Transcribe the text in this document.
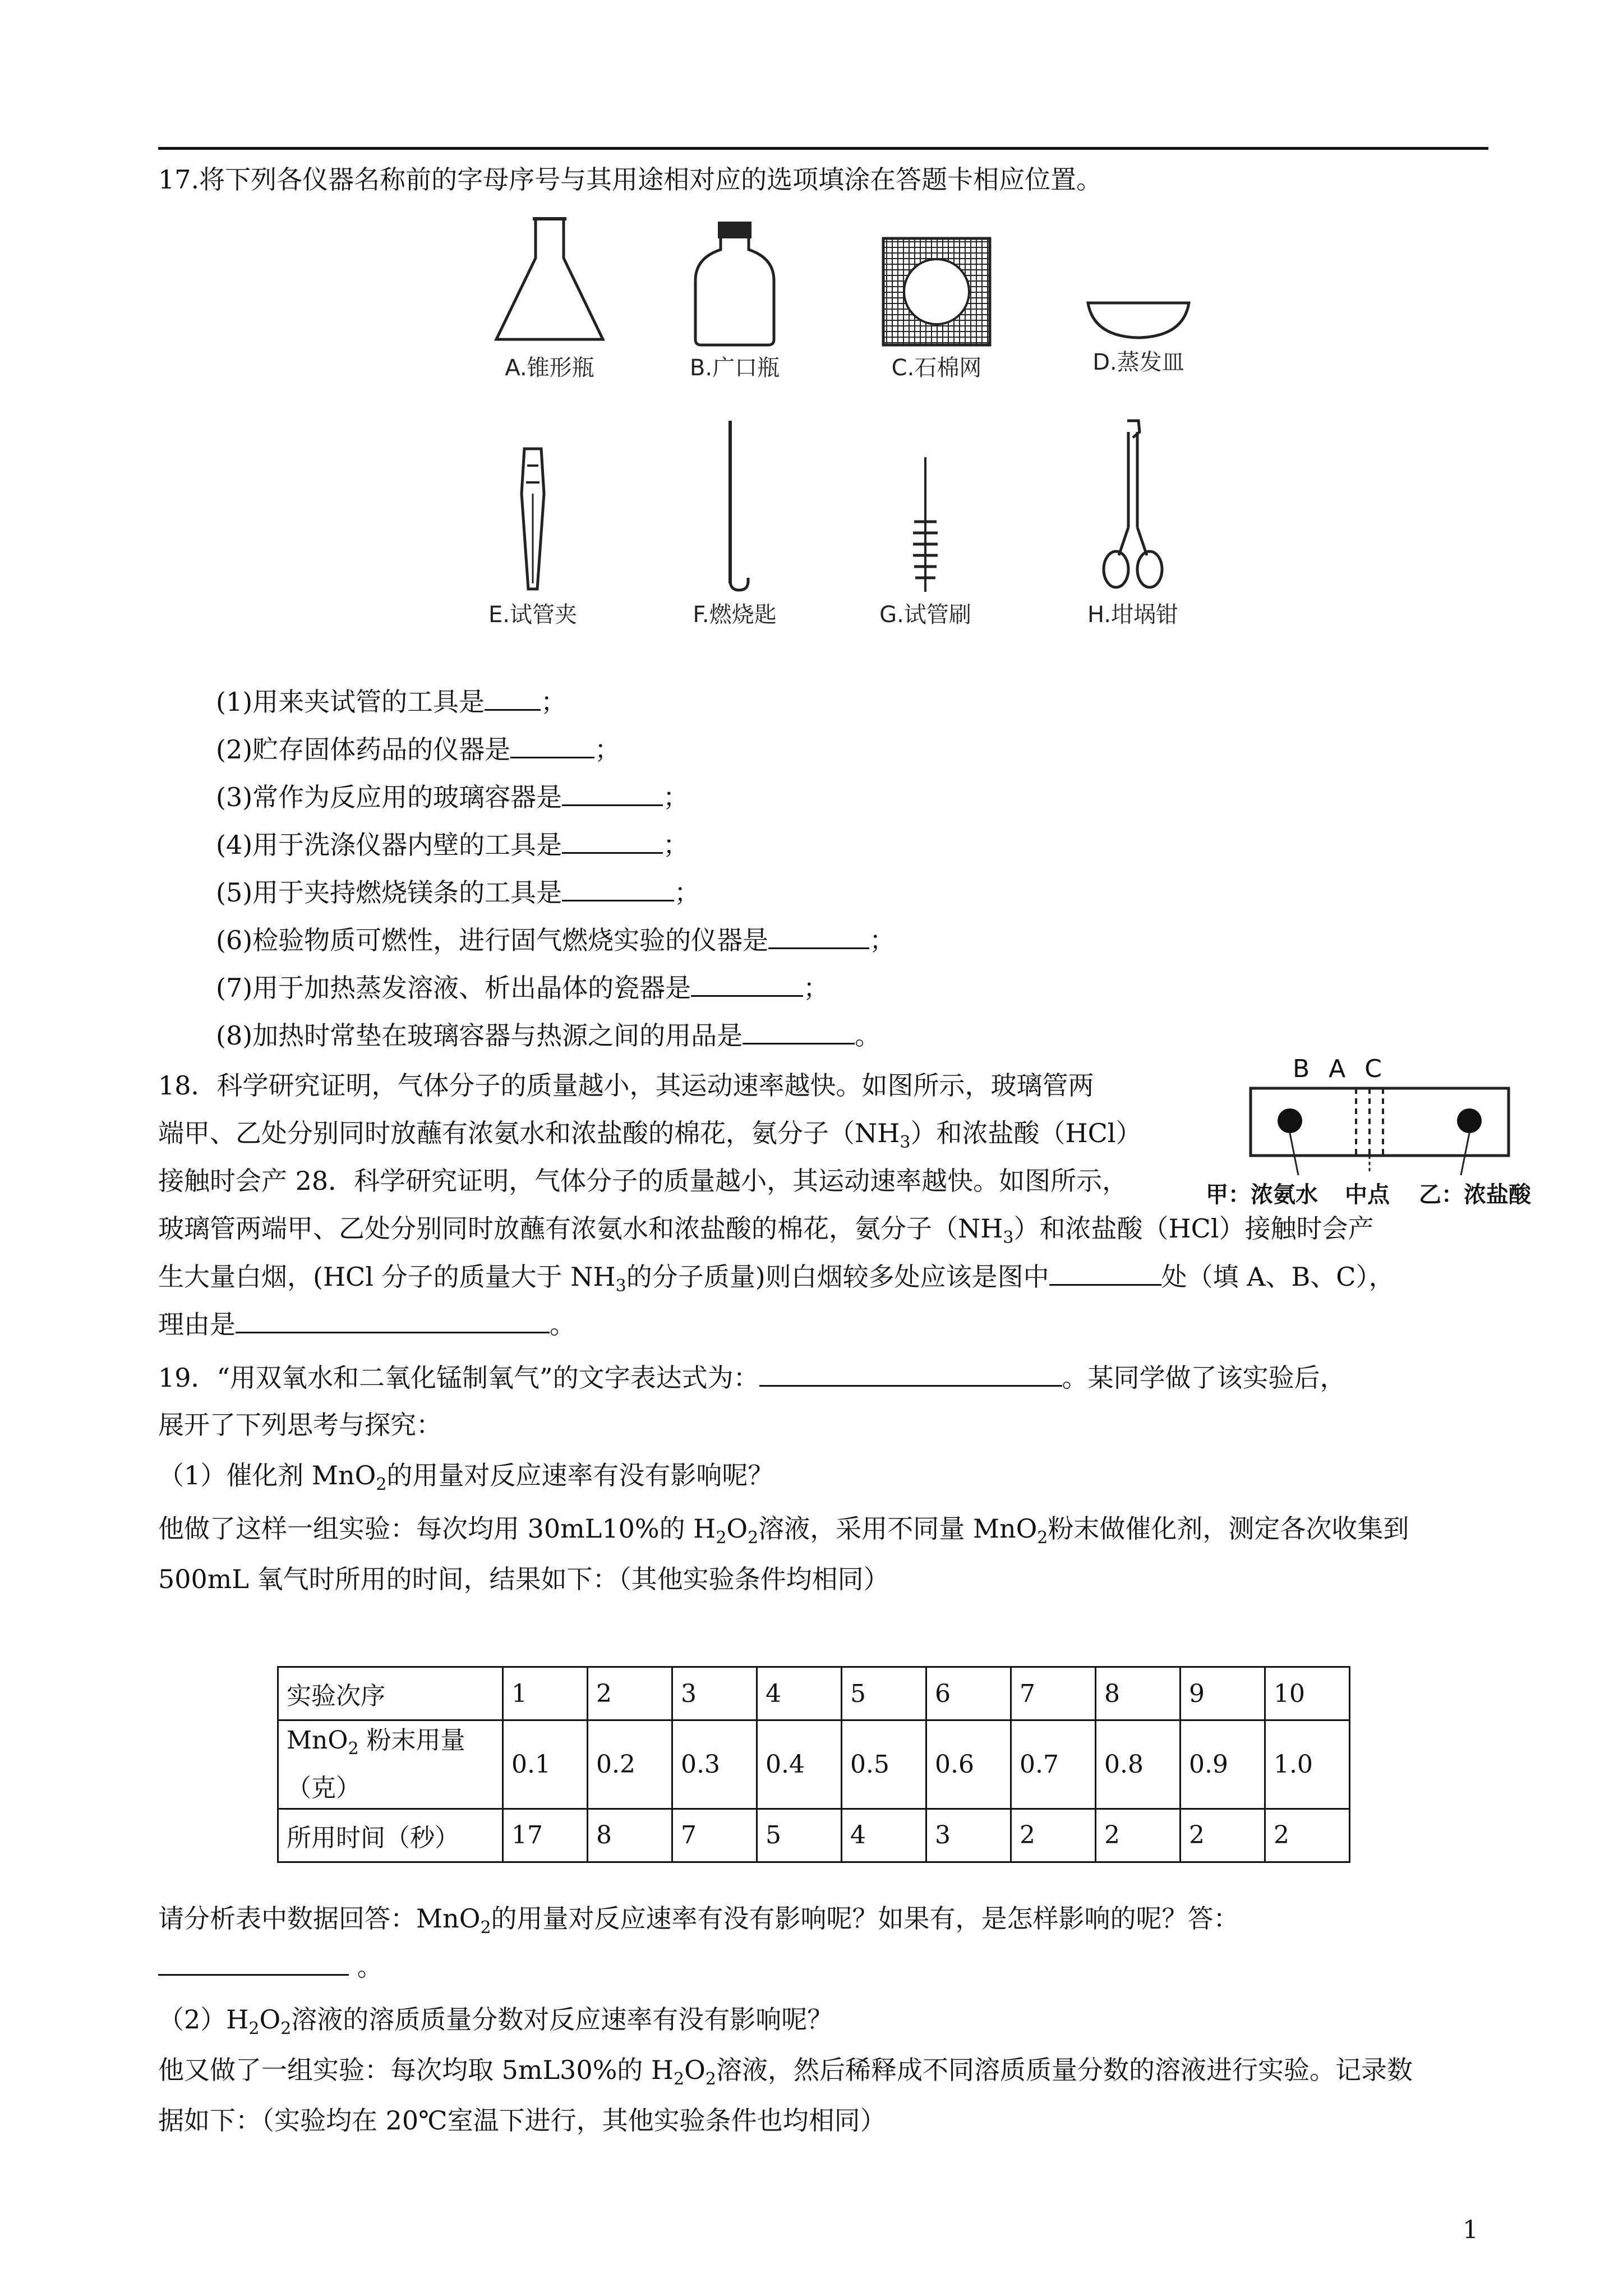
17.将下列各仪器名称前的字母序号与其用途相对应的选项填涂在答题卡相应位置。
A.锥形瓶	B.广口瓶	C.石棉网	D.蒸发皿
E.试管夹	F.燃烧匙	G.试管刷	H.坩埚钳
(1)用来夹试管的工具是 ；
(2)贮存固体药品的仪器是	；
(3)常作为反应用的玻璃容器是	；
(4)用于洗涤仪器内壁的工具是	；
(5)用于夹持燃烧镁条的工具是	；
(6)检验物质可燃性，进行固气燃烧实验的仪器是	；
(7)用于加热蒸发溶液、析出晶体的瓷器是	；
(8)加热时常垫在玻璃容器与热源之间的用品是	。
B A C
甲：浓氨水 中点 乙：浓盐酸
18．科学研究证明，气体分子的质量越小，其运动速率越快。如图所示，玻璃管两
端甲、乙处分别同时放蘸有浓氨水和浓盐酸的棉花，氨分子$(NH_3)$和浓盐酸（HCl）
接触时会产 28．科学研究证明，气体分子的质量越小，其运动速率越快。如图所示，
玻璃管两端甲、乙处分别同时放蘸有浓氨水和浓盐酸的棉花，氨分子$(NH_3)$和浓盐酸（HCl）接触时会产
生大量白烟，(HCl 分子的质量大于 $NH_3$的分子质量)则白烟较多处应该是图中	处（填 A、B、C），
理由是	。
19．“用双氧水和二氧化锰制氧气”的文字表达式为：	。某同学做了该实验后，
展开了下列思考与探究：
（1）催化剂 MnO$_2$的用量对反应速率有没有影响呢？
他做了这样一组实验：每次均用 30mL10%的 $H_2O_2$溶液，采用不同量 MnO$_2$粉末做催化剂，测定各次收集到
500mL 氧气时所用的时间，结果如下：（其他实验条件均相同）
实验次序	1	2	3	4	5	6	7	8	9	10
MnO$_2$ 粉末用量
（克）	0.1	0.2	0.3	0.4	0.5	0.6	0.7	0.8	0.9	1.0
所用时间（秒）	17	8	7	5	4	3	2	2	2	2
请分析表中数据回答：MnO$_2$的用量对反应速率有没有影响呢？如果有，是怎样影响的呢？答：
。
$(2)H_2O_2$溶液的溶质质量分数对反应速率有没有影响呢？
他又做了一组实验：每次均取 5mL30%的 $H_2O_2$溶液，然后稀释成不同溶质质量分数的溶液进行实验。记录数
据如下：（实验均在 20℃室温下进行，其他实验条件也均相同）
1
